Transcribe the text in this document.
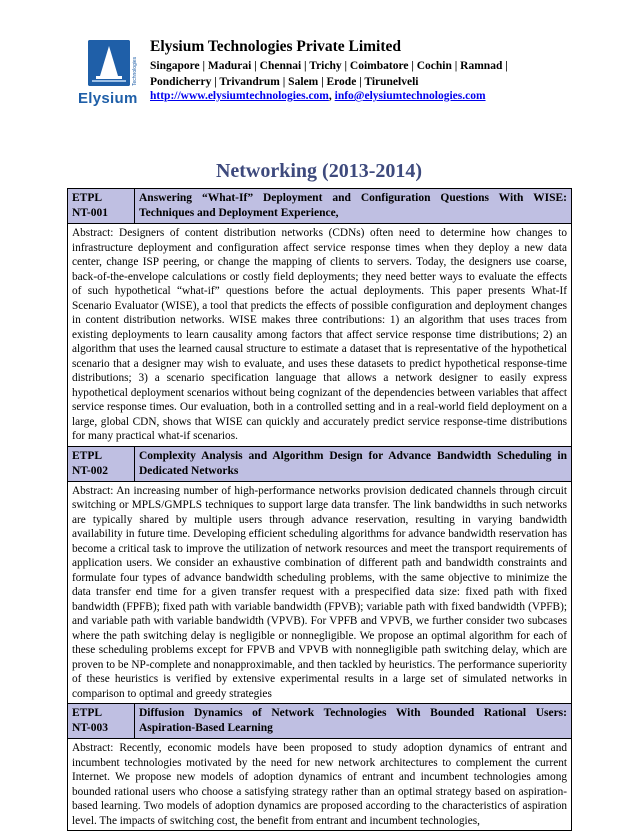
Technologies
Elysium
Elysium Technologies Private Limited
Singapore | Madurai | Chennai | Trichy | Coimbatore | Cochin | Ramnad |
Pondicherry | Trivandrum | Salem | Erode | Tirunelveli
http://www.elysiumtechnologies.com, info@elysiumtechnologies.com
Networking (2013-2014)
ETPL
NT-001	Answering “What-If” Deployment and Configuration Questions With WISE: Techniques and Deployment Experience,
Abstract: Designers of content distribution networks (CDNs) often need to determine how changes to infrastructure deployment and configuration affect service response times when they deploy a new data center, change ISP peering, or change the mapping of clients to servers. Today, the designers use coarse, back-of-the-envelope calculations or costly field deployments; they need better ways to evaluate the effects of such hypothetical “what-if” questions before the actual deployments. This paper presents What-If Scenario Evaluator (WISE), a tool that predicts the effects of possible configuration and deployment changes in content distribution networks. WISE makes three contributions: 1) an algorithm that uses traces from existing deployments to learn causality among factors that affect service response time distributions; 2) an algorithm that uses the learned causal structure to estimate a dataset that is representative of the hypothetical scenario that a designer may wish to evaluate, and uses these datasets to predict hypothetical response-time distributions; 3) a scenario specification language that allows a network designer to easily express hypothetical deployment scenarios without being cognizant of the dependencies between variables that affect service response times. Our evaluation, both in a controlled setting and in a real-world field deployment on a large, global CDN, shows that WISE can quickly and accurately predict service response-time distributions for many practical what-if scenarios.	

ETPL
NT-002	Complexity Analysis and Algorithm Design for Advance Bandwidth Scheduling in Dedicated Networks
Abstract: An increasing number of high-performance networks provision dedicated channels through circuit switching or MPLS/GMPLS techniques to support large data transfer. The link bandwidths in such networks are typically shared by multiple users through advance reservation, resulting in varying bandwidth availability in future time. Developing efficient scheduling algorithms for advance bandwidth reservation has become a critical task to improve the utilization of network resources and meet the transport requirements of application users. We consider an exhaustive combination of different path and bandwidth constraints and formulate four types of advance bandwidth scheduling problems, with the same objective to minimize the data transfer end time for a given transfer request with a prespecified data size: fixed path with fixed bandwidth (FPFB); fixed path with variable bandwidth (FPVB); variable path with fixed bandwidth (VPFB); and variable path with variable bandwidth (VPVB). For VPFB and VPVB, we further consider two subcases where the path switching delay is negligible or nonnegligible. We propose an optimal algorithm for each of these scheduling problems except for FPVB and VPVB with nonnegligible path switching delay, which are proven to be NP-complete and nonapproximable, and then tackled by heuristics. The performance superiority of these heuristics is verified by extensive experimental results in a large set of simulated networks in comparison to optimal and greedy strategies	

ETPL
NT-003	Diffusion Dynamics of Network Technologies With Bounded Rational Users: Aspiration-Based Learning
Abstract: Recently, economic models have been proposed to study adoption dynamics of entrant and incumbent technologies motivated by the need for new network architectures to complement the current Internet. We propose new models of adoption dynamics of entrant and incumbent technologies among bounded rational users who choose a satisfying strategy rather than an optimal strategy based on aspiration-based learning. Two models of adoption dynamics are proposed according to the characteristics of aspiration level. The impacts of switching cost, the benefit from entrant and incumbent technologies,	
